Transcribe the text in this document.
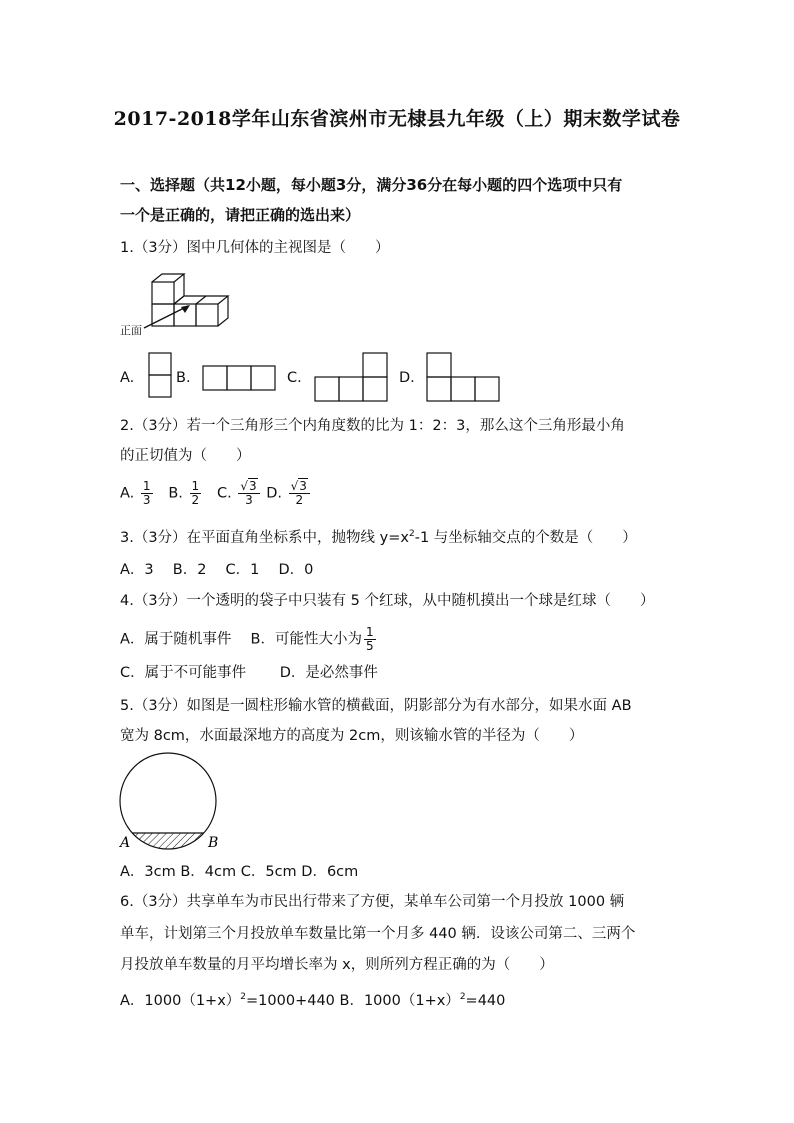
2017-2018学年山东省滨州市无棣县九年级（上）期末数学试卷
一、选择题（共12小题，每小题3分，满分36分在每小题的四个选项中只有
一个是正确的，请把正确的选出来）
1.（3分）图中几何体的主视图是（　　）
正面
A.	B.	C.	D.
2.（3分）若一个三角形三个内角度数的比为 1：2：3，那么这个三角形最小角
的正切值为（　　）
A. $\frac{1}{3} B$. $\frac{1}{2} C$. $\frac{√3}{3} D$. $\frac{√3}{2}$
3.（3分）在平面直角坐标系中，抛物线 $y=x^2-1$ 与坐标轴交点的个数是（　　）
A．3　 B．2　 C．1　 D．0
4.（3分）一个透明的袋子中只装有 5 个红球，从中随机摸出一个球是红球（　　）
A．属于随机事件　 B．可能性大小为 $\frac{1}{5}$
C．属于不可能事件　　 D．是必然事件
5.（3分）如图是一圆柱形输水管的横截面，阴影部分为有水部分，如果水面 AB
宽为 8cm，水面最深地方的高度为 2cm，则该输水管的半径为（　　）
A	B
A．3cm B．4cm C．5cm D．6cm
6.（3分）共享单车为市民出行带来了方便，某单车公司第一个月投放 1000 辆
单车，计划第三个月投放单车数量比第一个月多 440 辆．设该公司第二、三两个
月投放单车数量的月平均增长率为 x，则所列方程正确的为（　　）
A．$1000(1+x)^2=1000+440$ B．$1000(1+x)^2=440$
